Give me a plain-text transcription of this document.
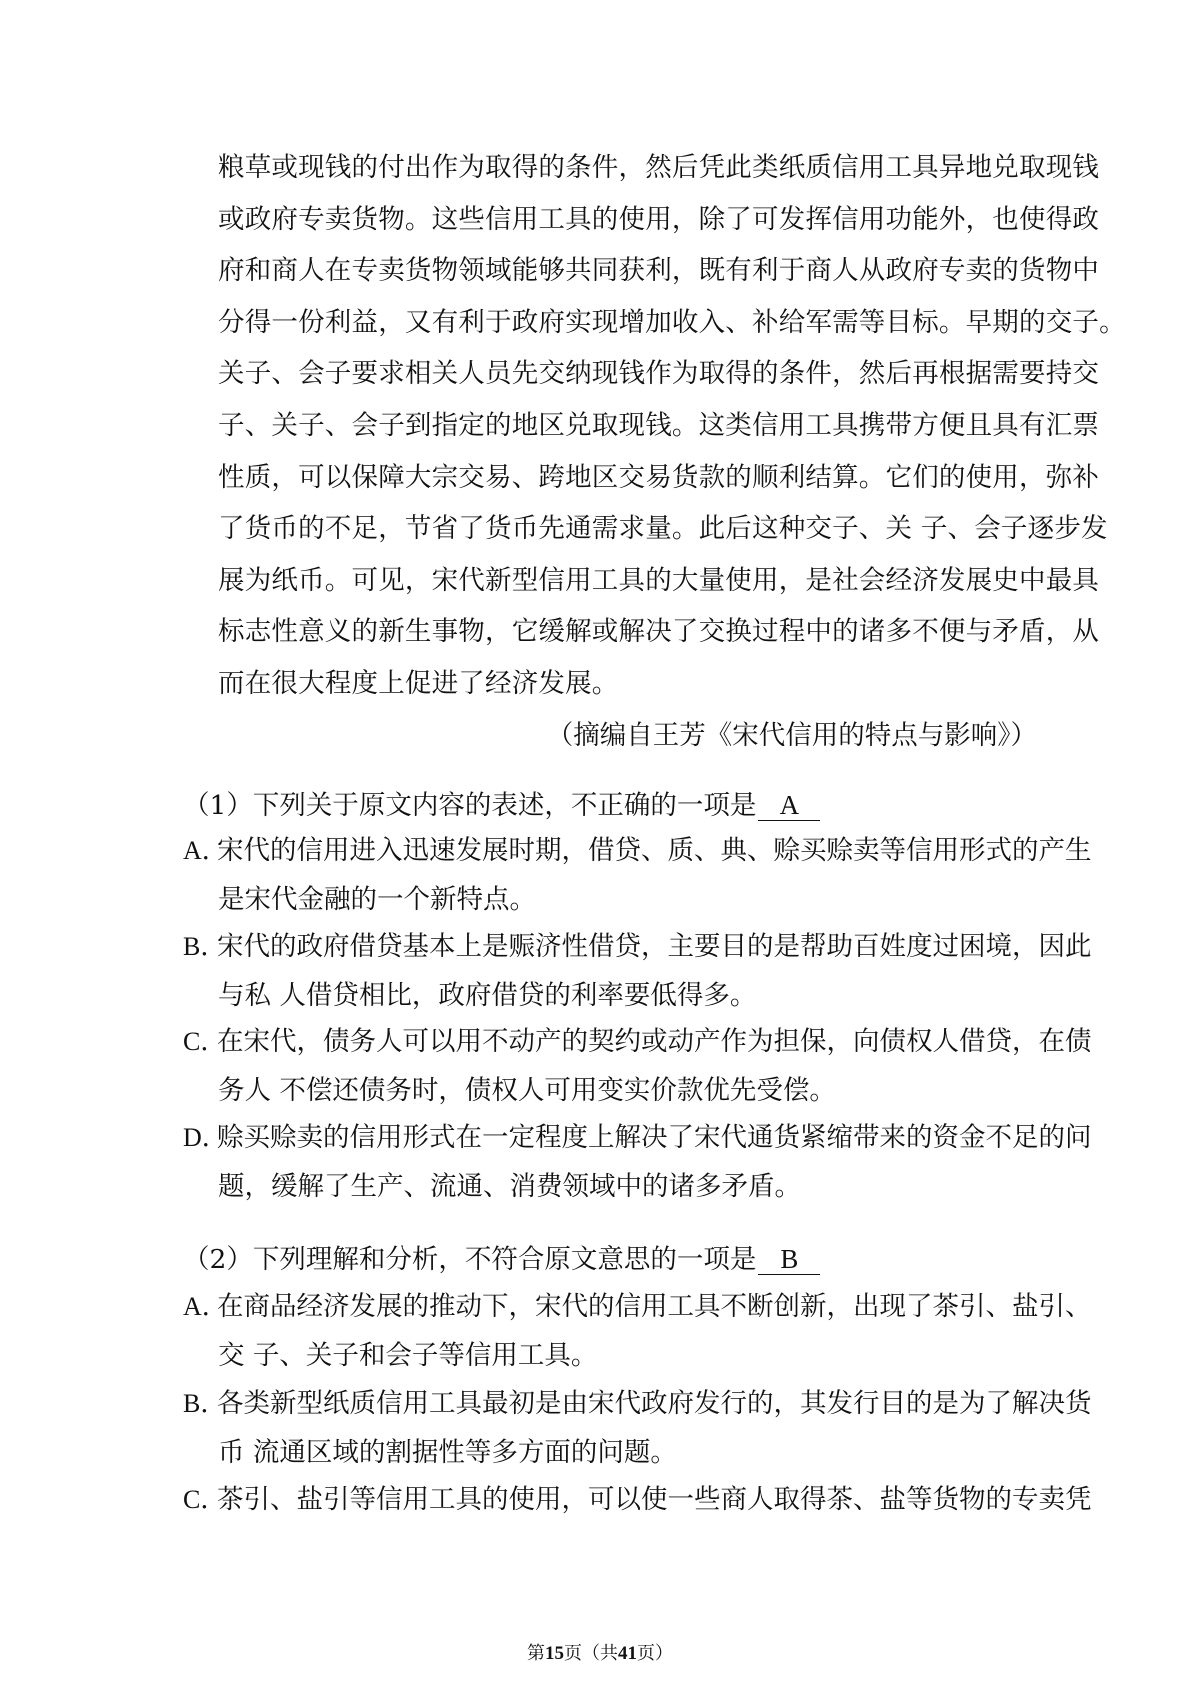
粮草或现钱的付出作为取得的条件，然后凭此类纸质信用工具异地兑取现钱
或政府专卖货物。这些信用工具的使用，除了可发挥信用功能外，也使得政
府和商人在专卖货物领域能够共同获利，既有利于商人从政府专卖的货物中
分得一份利益，又有利于政府实现增加收入、补给军需等目标。早期的交子。
关子、会子要求相关人员先交纳现钱作为取得的条件，然后再根据需要持交
子、关子、会子到指定的地区兑取现钱。这类信用工具携带方便且具有汇票
性质，可以保障大宗交易、跨地区交易货款的顺利结算。它们的使用，弥补
了货币的不足，节省了货币先通需求量。此后这种交子、关 子、会子逐步发
展为纸币。可见，宋代新型信用工具的大量使用，是社会经济发展史中最具
标志性意义的新生事物，它缓解或解决了交换过程中的诸多不便与矛盾，从
而在很大程度上促进了经济发展。
（摘编自王芳《宋代信用的特点与影响》）
（1）下列关于原文内容的表述，不正确的一项是 A
A．宋代的信用进入迅速发展时期，借贷、质、典、赊买赊卖等信用形式的产生
是宋代金融的一个新特点。
B．宋代的政府借贷基本上是赈济性借贷，主要目的是帮助百姓度过困境，因此
与私 人借贷相比，政府借贷的利率要低得多。
C．在宋代，债务人可以用不动产的契约或动产作为担保，向债权人借贷，在债
务人 不偿还债务时，债权人可用变实价款优先受偿。
D．赊买赊卖的信用形式在一定程度上解决了宋代通货紧缩带来的资金不足的问
题，缓解了生产、流通、消费领域中的诸多矛盾。
（2）下列理解和分析，不符合原文意思的一项是 B
A．在商品经济发展的推动下，宋代的信用工具不断创新，出现了茶引、盐引、
交 子、关子和会子等信用工具。
B．各类新型纸质信用工具最初是由宋代政府发行的，其发行目的是为了解决货
币 流通区域的割据性等多方面的问题。
C．茶引、盐引等信用工具的使用，可以使一些商人取得茶、盐等货物的专卖凭
第15页（共41页）
